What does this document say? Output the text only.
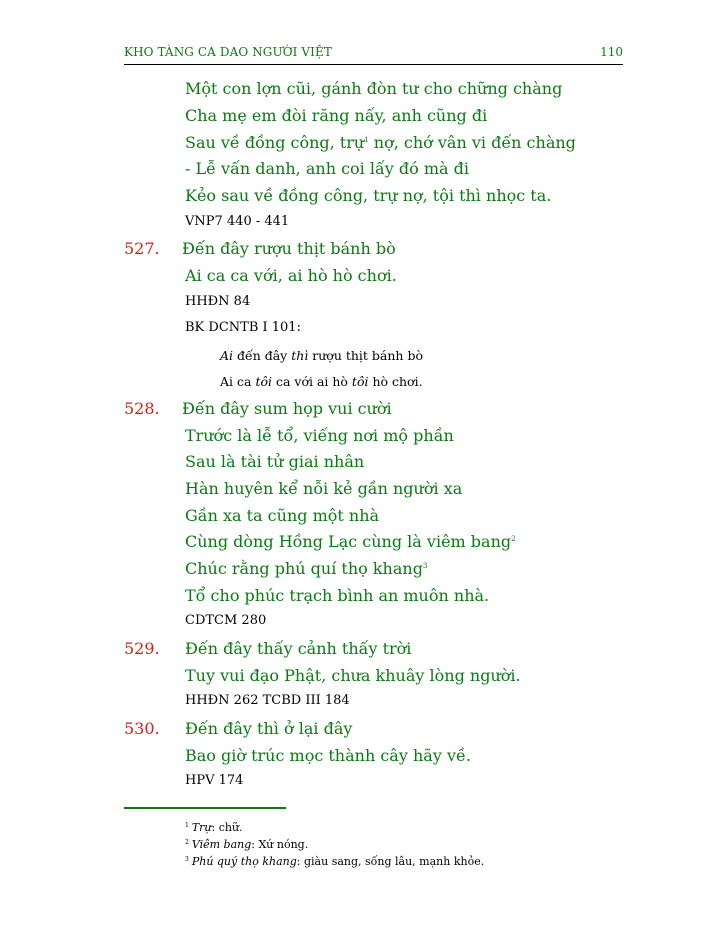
KHO TÀNG CA DAO NGƯỜI VIỆT	110
Một con lợn cũi, gánh đòn tư cho chững chàng
Cha mẹ em đòi răng nấy, anh cũng đi
Sau về đồng công, trự$^1$ nợ, chớ vân vi đến chàng
- Lễ vấn danh, anh coi lấy đó mà đi
Kẻo sau về đồng công, trự nợ, tội thì nhọc ta.
VNP7 440 - 441
527. Đến đây rượu thịt bánh bò
Ai ca ca với, ai hò hò chơi.
HHĐN 84
BK DCNTB I 101:
Ai đến đây thì rượu thịt bánh bò
Ai ca tôi ca với ai hò tôi hò chơi.
528. Đến đây sum họp vui cười
Trước là lễ tổ, viếng nơi mộ phần
Sau là tài tử giai nhân
Hàn huyên kể nỗi kẻ gần người xa
Gần xa ta cũng một nhà
Cùng dòng Hồng Lạc cùng là viêm bang$^2$
Chúc rằng phú quí thọ khang$^3$
Tổ cho phúc trạch bình an muôn nhà.
CDTCM 280
529. Đến đây thấy cảnh thấy trời
Tuy vui đạo Phật, chưa khuây lòng người.
HHĐN 262 TCBD III 184
530. Đến đây thì ở lại đây
Bao giờ trúc mọc thành cây hãy về.
HPV 174
$^1$ Trự: chữ.
$^2$ Viêm bang: Xứ nóng.
$^3$ Phú quý thọ khang: giàu sang, sống lâu, mạnh khỏe.
